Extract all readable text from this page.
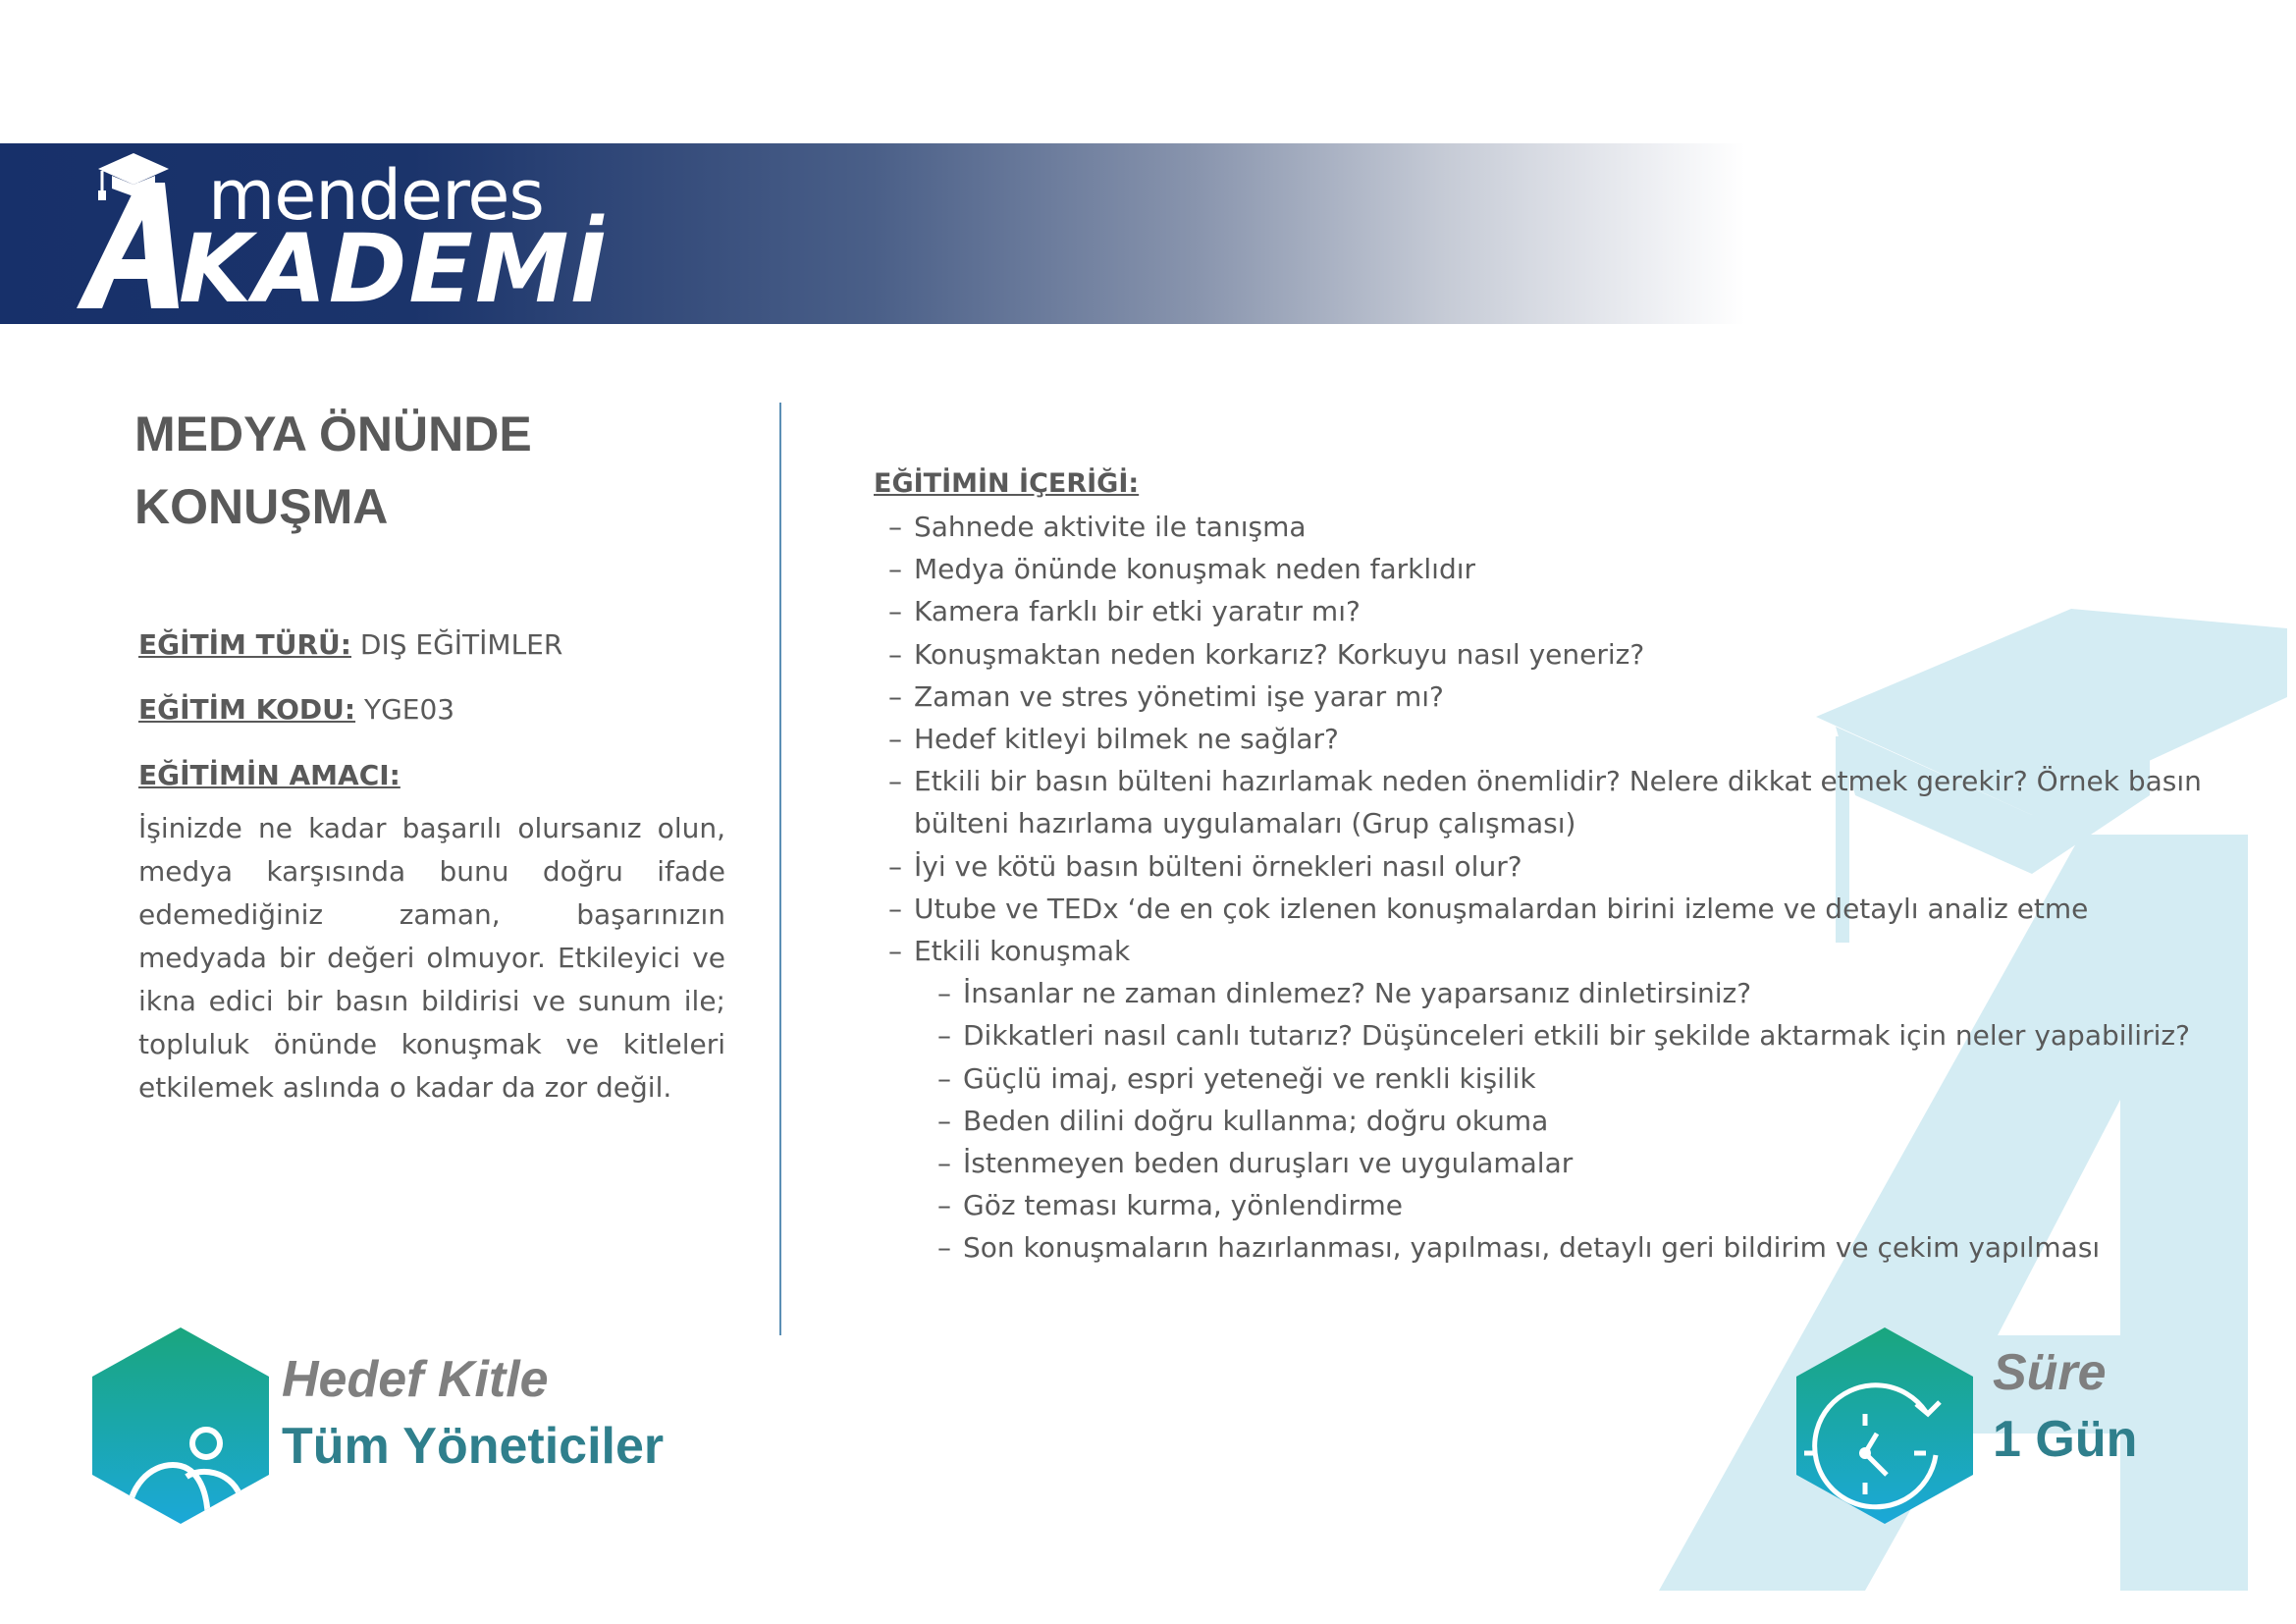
menderes
KADEMİ
MEDYA ÖNÜNDE
KONUŞMA
EĞİTİM TÜRÜ: DIŞ EĞİTİMLER
EĞİTİM KODU: YGE03
EĞİTİMİN AMACI:
İşinizde ne kadar başarılı olursanız olun, medya karşısında bunu doğru ifade edemediğiniz zaman, başarınızın medyada bir değeri olmuyor. Etkileyici ve ikna edici bir basın bildirisi ve sunum ile; topluluk önünde konuşmak ve kitleleri etkilemek aslında o kadar da zor değil.
EĞİTİMİN İÇERİĞİ:
– Sahnede aktivite ile tanışma
– Medya önünde konuşmak neden farklıdır
– Kamera farklı bir etki yaratır mı?
– Konuşmaktan neden korkarız? Korkuyu nasıl yeneriz?
– Zaman ve stres yönetimi işe yarar mı?
– Hedef kitleyi bilmek ne sağlar?
– Etkili bir basın bülteni hazırlamak neden önemlidir? Nelere dikkat etmek gerekir? Örnek basın bülteni hazırlama uygulamaları (Grup çalışması)
– İyi ve kötü basın bülteni örnekleri nasıl olur?
– Utube ve TEDx ‘de en çok izlenen konuşmalardan birini izleme ve detaylı analiz etme
– Etkili konuşmak
– İnsanlar ne zaman dinlemez? Ne yaparsanız dinletirsiniz?
– Dikkatleri nasıl canlı tutarız? Düşünceleri etkili bir şekilde aktarmak için neler yapabiliriz?
– Güçlü imaj, espri yeteneği ve renkli kişilik
– Beden dilini doğru kullanma; doğru okuma
– İstenmeyen beden duruşları ve uygulamalar
– Göz teması kurma, yönlendirme
– Son konuşmaların hazırlanması, yapılması, detaylı geri bildirim ve çekim yapılması
Hedef Kitle
Tüm Yöneticiler
Süre
1 Gün
